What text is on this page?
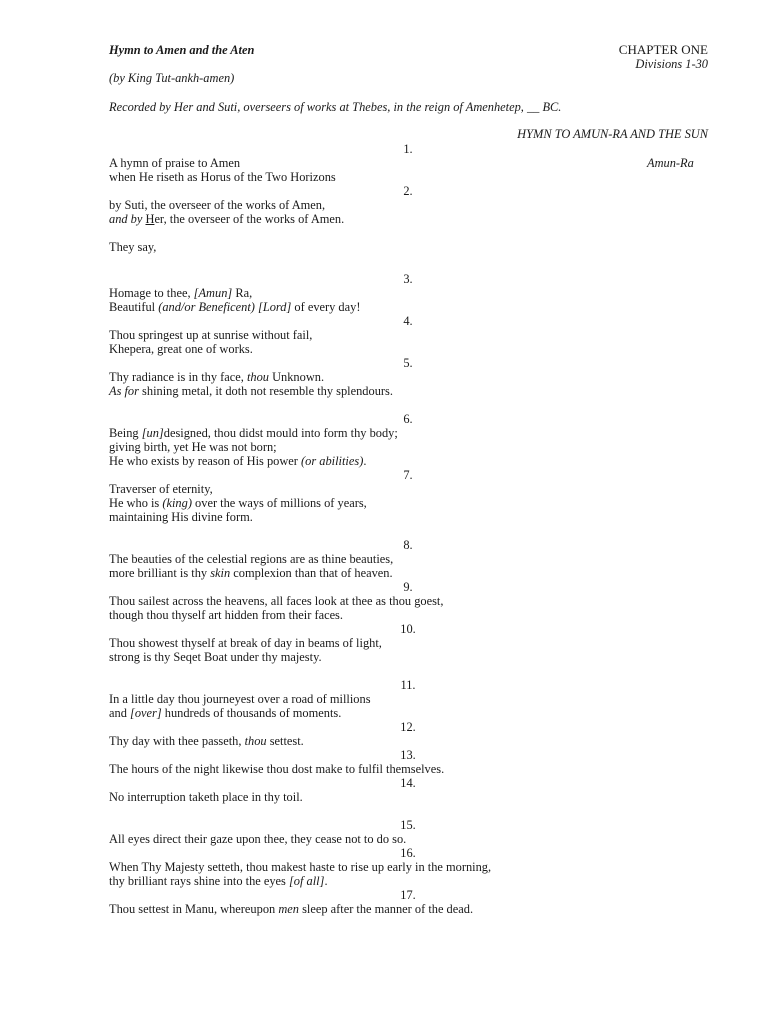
Hymn to Amen and the Aten	CHAPTER ONE
Divisions 1-30
(by King Tut-ankh-amen)
Recorded by Her and Suti, overseers of works at Thebes, in the reign of Amenhetep, __ BC.
HYMN TO AMUN-RA AND THE SUN
1.
A hymn of praise to Amen	Amun-Ra
when He riseth as Horus of the Two Horizons
2.
by Suti, the overseer of the works of Amen,
and by Her, the overseer of the works of Amen.
They say,
3.
Homage to thee, [Amun] Ra,
Beautiful (and/or Beneficent) [Lord] of every day!
4.
Thou springest up at sunrise without fail,
Khepera, great one of works.
5.
Thy radiance is in thy face, thou Unknown.
As for shining metal, it doth not resemble thy splendours.
6.
Being [un]designed, thou didst mould into form thy body;
giving birth, yet He was not born;
He who exists by reason of His power (or abilities).
7.
Traverser of eternity,
He who is (king) over the ways of millions of years,
maintaining His divine form.
8.
The beauties of the celestial regions are as thine beauties,
more brilliant is thy skin complexion than that of heaven.
9.
Thou sailest across the heavens, all faces look at thee as thou goest,
though thou thyself art hidden from their faces.
10.
Thou showest thyself at break of day in beams of light,
strong is thy Seqet Boat under thy majesty.
11.
In a little day thou journeyest over a road of millions
and [over] hundreds of thousands of moments.
12.
Thy day with thee passeth, thou settest.
13.
The hours of the night likewise thou dost make to fulfil themselves.
14.
No interruption taketh place in thy toil.
15.
All eyes direct their gaze upon thee, they cease not to do so.
16.
When Thy Majesty setteth, thou makest haste to rise up early in the morning,
thy brilliant rays shine into the eyes [of all].
17.
Thou settest in Manu, whereupon men sleep after the manner of the dead.
